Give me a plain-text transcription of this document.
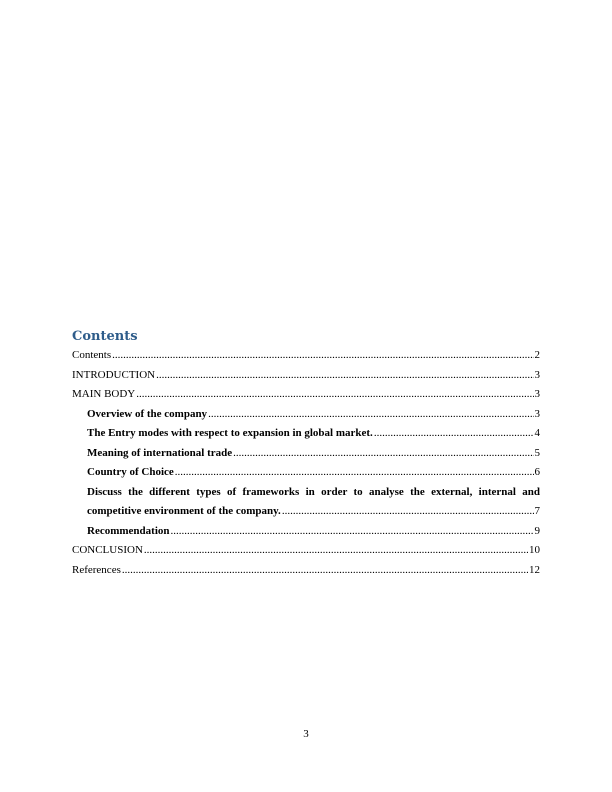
Contents
Contents .....	2
INTRODUCTION .....	3
MAIN BODY .....	3
Overview of the company .....	3
The Entry modes with respect to expansion in global market. .....	4
Meaning of international trade .....	5
Country of Choice .....	6
Discuss the different types of frameworks in order to analyse the external, internal and
competitive environment of the company. .....	7
Recommendation .....	9
CONCLUSION .....	10
References .....	12
3
